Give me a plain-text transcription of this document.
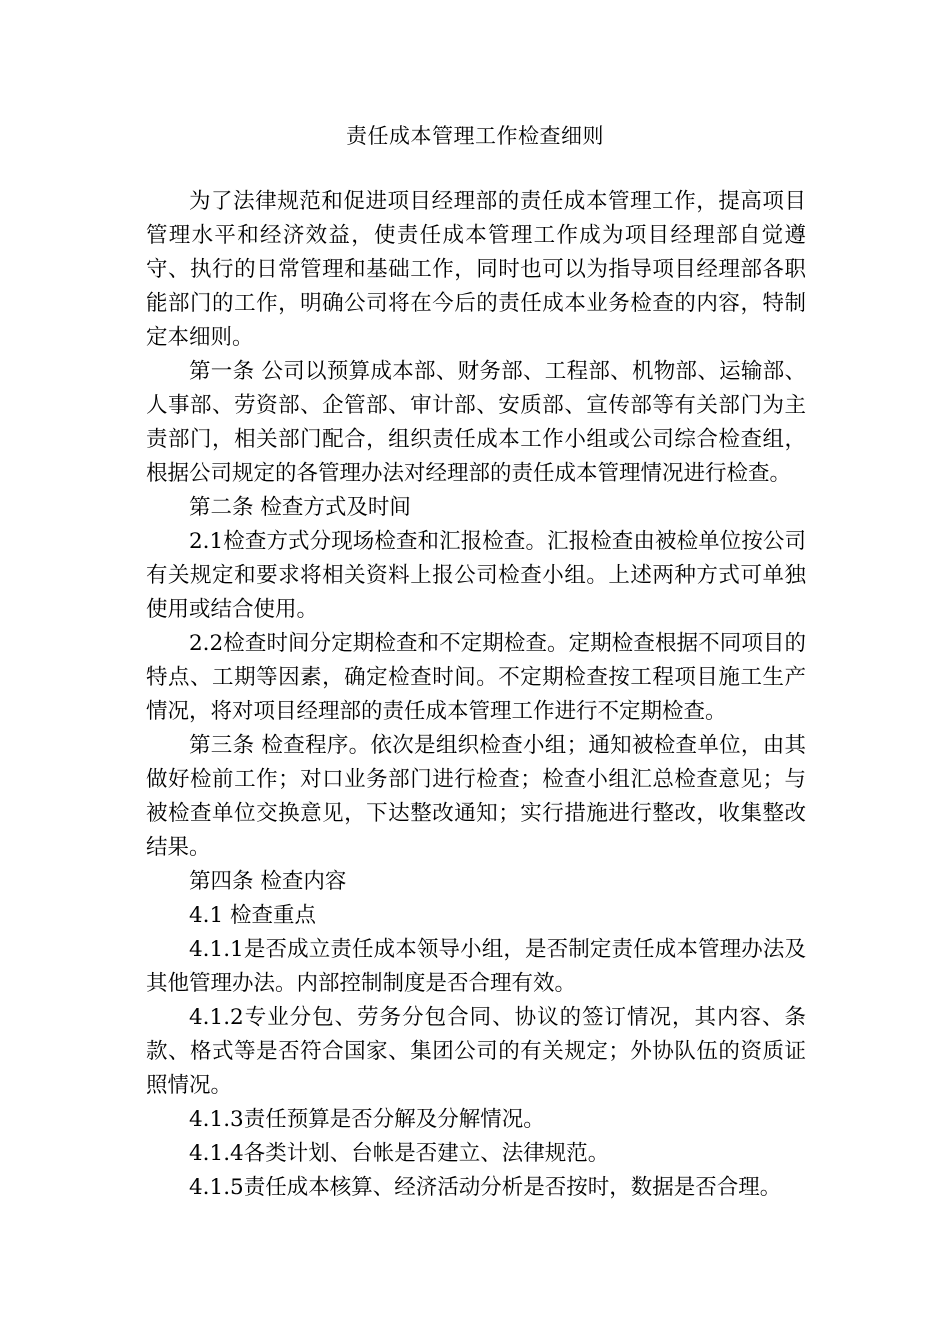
责任成本管理工作检查细则

为了法律规范和促进项目经理部的责任成本管理工作，提高项目管理水平和经济效益，使责任成本管理工作成为项目经理部自觉遵守、执行的日常管理和基础工作，同时也可以为指导项目经理部各职能部门的工作，明确公司将在今后的责任成本业务检查的内容，特制定本细则。

第一条 公司以预算成本部、财务部、工程部、机物部、运输部、人事部、劳资部、企管部、审计部、安质部、宣传部等有关部门为主责部门，相关部门配合，组织责任成本工作小组或公司综合检查组，根据公司规定的各管理办法对经理部的责任成本管理情况进行检查。

第二条 检查方式及时间

2.1检查方式分现场检查和汇报检查。汇报检查由被检单位按公司有关规定和要求将相关资料上报公司检查小组。上述两种方式可单独使用或结合使用。

2.2检查时间分定期检查和不定期检查。定期检查根据不同项目的特点、工期等因素，确定检查时间。不定期检查按工程项目施工生产情况，将对项目经理部的责任成本管理工作进行不定期检查。

第三条 检查程序。依次是组织检查小组；通知被检查单位，由其做好检前工作；对口业务部门进行检查；检查小组汇总检查意见；与被检查单位交换意见，下达整改通知；实行措施进行整改，收集整改结果。

第四条 检查内容

4.1 检查重点

4.1.1是否成立责任成本领导小组，是否制定责任成本管理办法及其他管理办法。内部控制制度是否合理有效。

4.1.2专业分包、劳务分包合同、协议的签订情况，其内容、条款、格式等是否符合国家、集团公司的有关规定；外协队伍的资质证照情况。

4.1.3责任预算是否分解及分解情况。

4.1.4各类计划、台帐是否建立、法律规范。

4.1.5责任成本核算、经济活动分析是否按时，数据是否合理。
